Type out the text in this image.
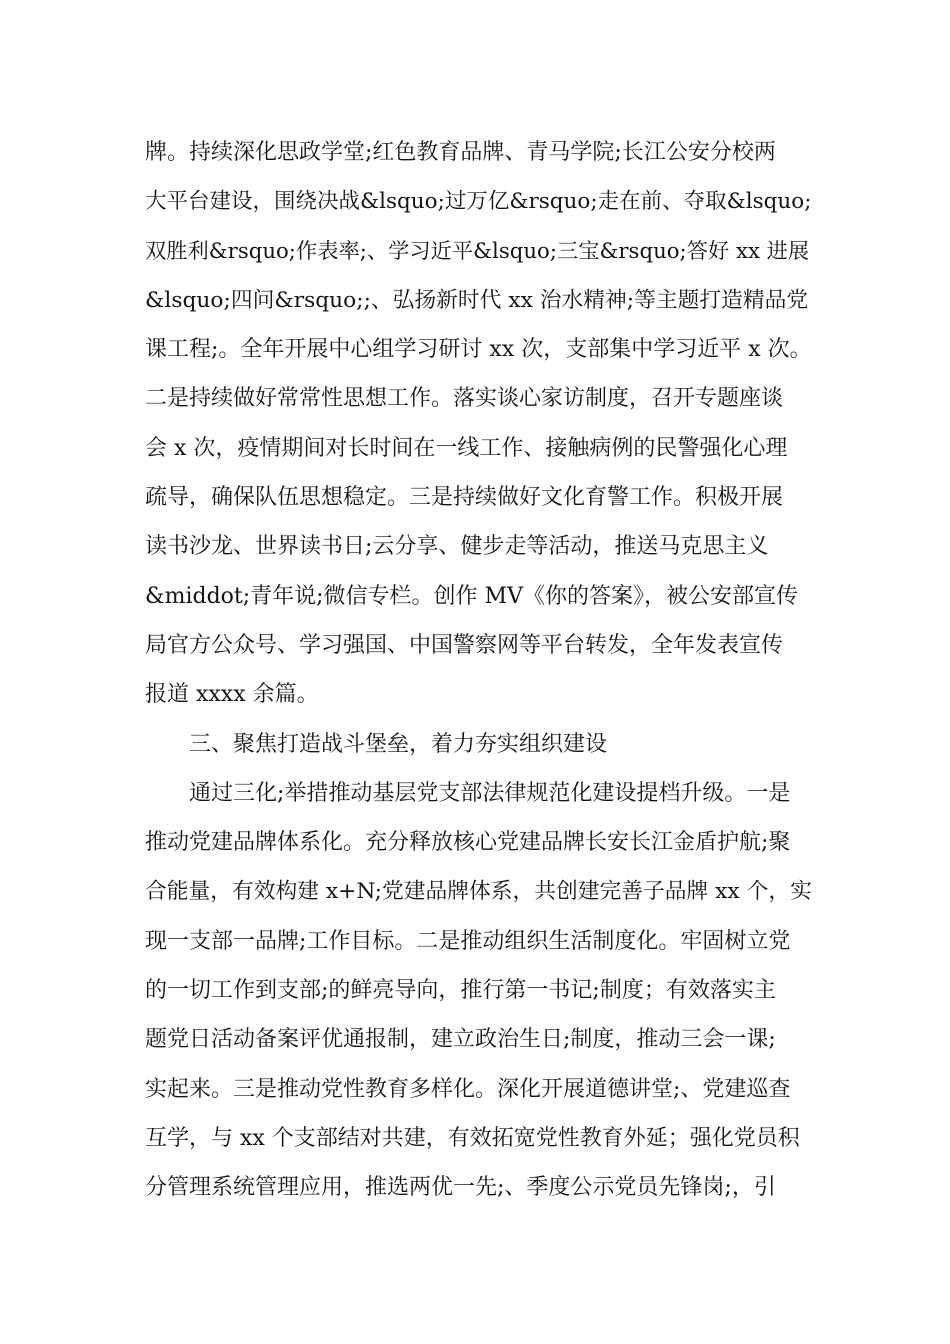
牌。持续深化思政学堂;红色教育品牌、青马学院;长江公安分校两
大平台建设，围绕决战&lsquo;过万亿&rsquo;走在前、夺取&lsquo;
双胜利&rsquo;作表率;、学习近平&lsquo;三宝&rsquo;答好 xx 进展
&lsquo;四问&rsquo;;、弘扬新时代 xx 治水精神;等主题打造精品党
课工程;。全年开展中心组学习研讨 xx 次，支部集中学习近平 x 次。
二是持续做好常常性思想工作。落实谈心家访制度，召开专题座谈
会 x 次，疫情期间对长时间在一线工作、接触病例的民警强化心理
疏导，确保队伍思想稳定。三是持续做好文化育警工作。积极开展
读书沙龙、世界读书日;云分享、健步走等活动，推送马克思主义
&middot;青年说;微信专栏。创作 MV《你的答案》，被公安部宣传
局官方公众号、学习强国、中国警察网等平台转发，全年发表宣传
报道 xxxx 余篇。
三、聚焦打造战斗堡垒，着力夯实组织建设
通过三化;举措推动基层党支部法律规范化建设提档升级。一是
推动党建品牌体系化。充分释放核心党建品牌长安长江金盾护航;聚
合能量，有效构建 x+N;党建品牌体系，共创建完善子品牌 xx 个，实
现一支部一品牌;工作目标。二是推动组织生活制度化。牢固树立党
的一切工作到支部;的鲜亮导向，推行第一书记;制度；有效落实主
题党日活动备案评优通报制，建立政治生日;制度，推动三会一课;
实起来。三是推动党性教育多样化。深化开展道德讲堂;、党建巡查
互学，与 xx 个支部结对共建，有效拓宽党性教育外延；强化党员积
分管理系统管理应用，推选两优一先;、季度公示党员先锋岗;，引
